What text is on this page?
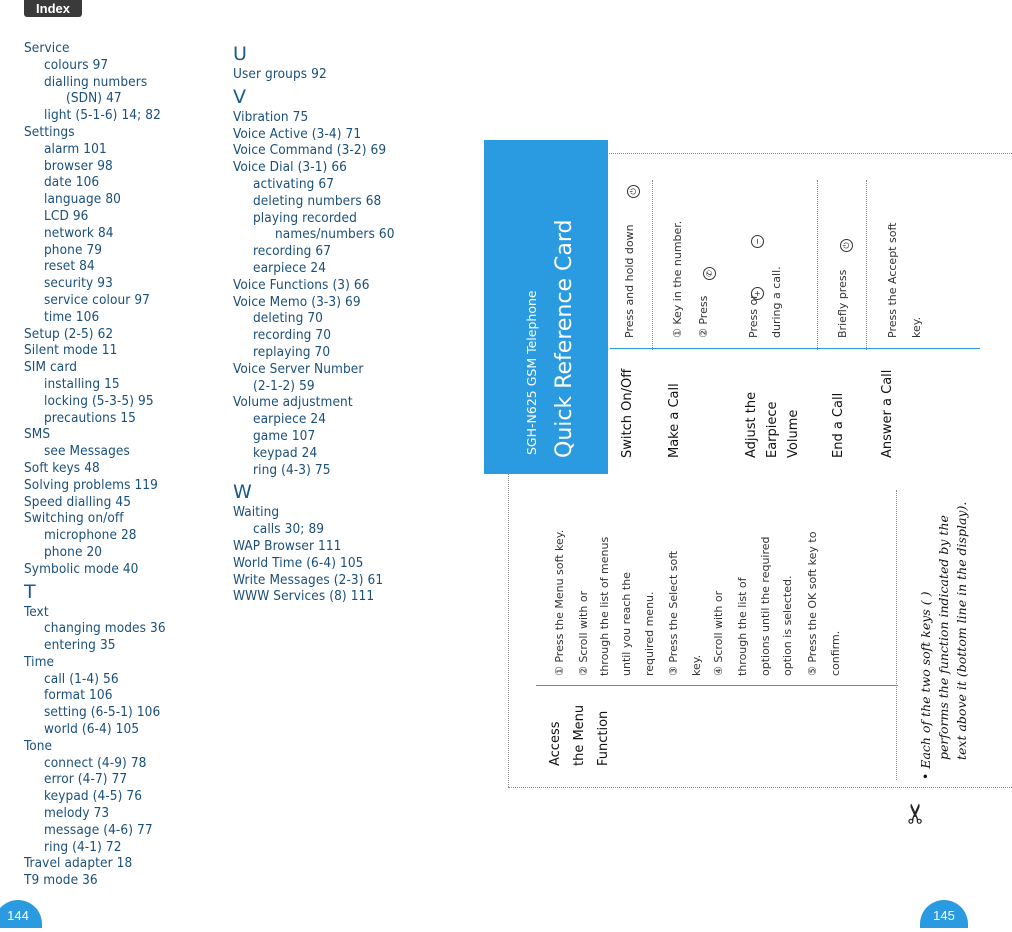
Index
Service
colours 97
dialling numbers
(SDN) 47
light (5-1-6) 14; 82
Settings
alarm 101
browser 98
date 106
language 80
LCD 96
network 84
phone 79
reset 84
security 93
service colour 97
time 106
Setup (2-5) 62
Silent mode 11
SIM card
installing 15
locking (5-3-5) 95
precautions 15
SMS
see Messages
Soft keys 48
Solving problems 119
Speed dialling 45
Switching on/off
microphone 28
phone 20
Symbolic mode 40
T
Text
changing modes 36
entering 35
Time
call (1-4) 56
format 106
setting (6-5-1) 106
world (6-4) 105
Tone
connect (4-9) 78
error (4-7) 77
keypad (4-5) 76
melody 73
message (4-6) 77
ring (4-1) 72
Travel adapter 18
T9 mode 36
U
User groups 92
V
Vibration 75
Voice Active (3-4) 71
Voice Command (3-2) 69
Voice Dial (3-1) 66
activating 67
deleting numbers 68
playing recorded
names/numbers 60
recording 67
earpiece 24
Voice Functions (3) 66
Voice Memo (3-3) 69
deleting 70
recording 70
replaying 70
Voice Server Number
(2-1-2) 59
Volume adjustment
earpiece 24
game 107
keypad 24
ring (4-3) 75
W
Waiting
calls 30; 89
WAP Browser 111
World Time (6-4) 105
Write Messages (2-3) 61
WWW Services (8) 111
144	145
SGH-N625 GSM Telephone Quick Reference Card	Switch On/Off
Press and hold down
⏻
Make a Call
① Key in the number. ② Press
✆
Adjust the Earpiece Volume
Press or
+
−
during a call.
End a Call
Briefly press
⏻
Answer a Call
Press the Accept soft key.
Access the Menu Function
① Press the Menu soft key. ② Scroll with or through the list of menus until you reach the required menu. ③ Press the Select soft key. ④ Scroll with or through the list of options until the required option is selected. ⑤ Press the OK soft key to confirm.	• Each of the two soft keys ( ) performs the function indicated by the text above it (bottom line in the display).
✂
